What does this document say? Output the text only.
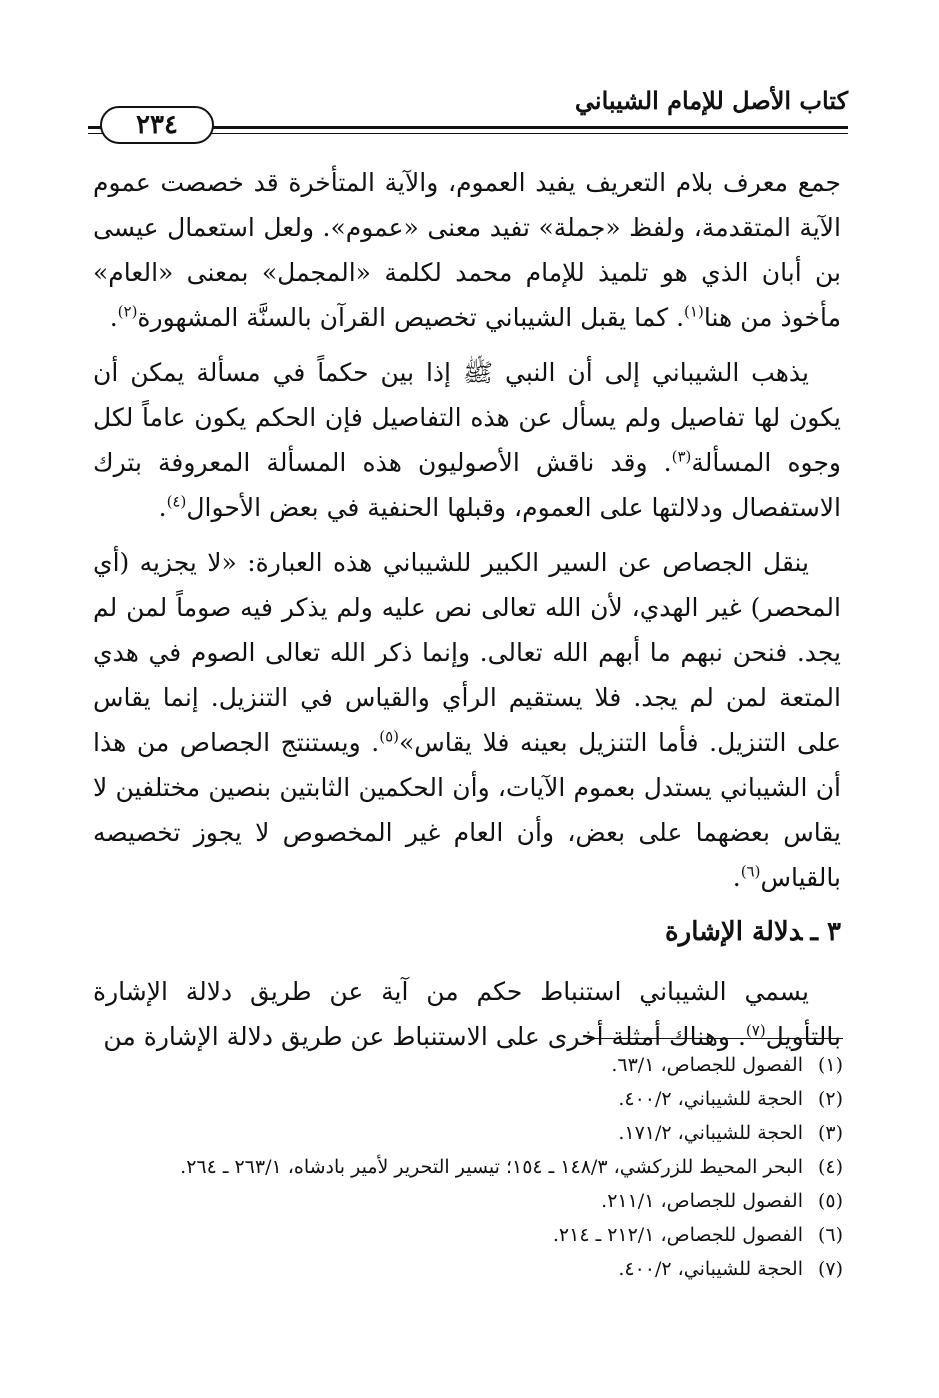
كتاب الأصل للإمام الشيباني
٢٣٤

جمع معرف بلام التعريف يفيد العموم، والآية المتأخرة قد خصصت عموم الآية المتقدمة، ولفظ «جملة» تفيد معنى «عموم». ولعل استعمال عيسى بن أبان الذي هو تلميذ للإمام محمد لكلمة «المجمل» بمعنى «العام» مأخوذ من هنا$^{(١)}$. كما يقبل الشيباني تخصيص القرآن بالسنَّة المشهورة$^{(٢)}$.

يذهب الشيباني إلى أن النبي ﷺ إذا بين حكماً في مسألة يمكن أن يكون لها تفاصيل ولم يسأل عن هذه التفاصيل فإن الحكم يكون عاماً لكل وجوه المسألة$^{(٣)}$. وقد ناقش الأصوليون هذه المسألة المعروفة بترك الاستفصال ودلالتها على العموم، وقبلها الحنفية في بعض الأحوال$^{(٤)}$.

ينقل الجصاص عن السير الكبير للشيباني هذه العبارة: «لا يجزيه (أي المحصر) غير الهدي، لأن الله تعالى نص عليه ولم يذكر فيه صوماً لمن لم يجد. فنحن نبهم ما أبهم الله تعالى. وإنما ذكر الله تعالى الصوم في هدي المتعة لمن لم يجد. فلا يستقيم الرأي والقياس في التنزيل. إنما يقاس على التنزيل. فأما التنزيل بعينه فلا يقاس»$^{(٥)}$. ويستنتج الجصاص من هذا أن الشيباني يستدل بعموم الآيات، وأن الحكمين الثابتين بنصين مختلفين لا يقاس بعضهما على بعض، وأن العام غير المخصوص لا يجوز تخصيصه بالقياس$^{(٦)}$.

٣ ـدلالة الإشارة

يسمي الشيباني استنباط حكم من آية عن طريق دلالة الإشارة بالتأويل$^{(٧)}$. وهناك أمثلة أخرى على الاستنباط عن طريق دلالة الإشارة من

(١)
الفصول للجصاص، ٦٣/١.
(٢)
الحجة للشيباني، ٤٠٠/٢.
(٣)
الحجة للشيباني، ١٧١/٢.
(٤)
البحر المحيط للزركشي، ١٤٨/٣ ـ ١٥٤؛ تيسير التحرير لأمير بادشاه، ٢٦٣/١ ـ ٢٦٤.
(٥)
الفصول للجصاص، ٢١١/١.
(٦)
الفصول للجصاص، ٢١٢/١ ـ ٢١٤.
(٧)
الحجة للشيباني، ٤٠٠/٢.
